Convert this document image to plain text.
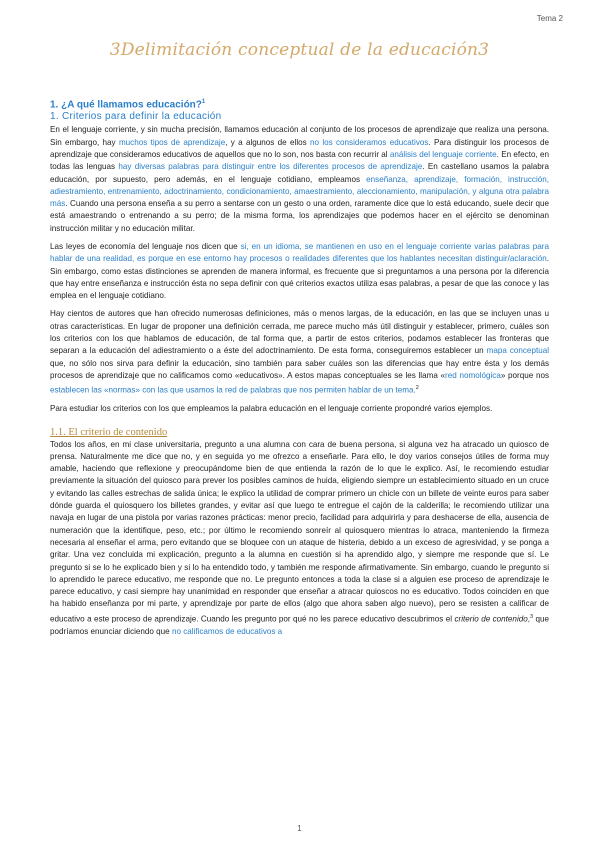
Tema 2
3Delimitación conceptual de la educación3
1. ¿A qué llamamos educación?$^1$
1. Criterios para definir la educación

En el lenguaje corriente, y sin mucha precisión, llamamos educación al conjunto de los procesos de aprendizaje que realiza una persona. Sin embargo, hay muchos tipos de aprendizaje, y a algunos de ellos no los consideramos educativos. Para distinguir los procesos de aprendizaje que consideramos educativos de aquellos que no lo son, nos basta con recurrir al análisis del lenguaje corriente. En efecto, en todas las lenguas hay diversas palabras para distinguir entre los diferentes procesos de aprendizaje. En castellano usamos la palabra educación, por supuesto, pero además, en el lenguaje cotidiano, empleamos enseñanza, aprendizaje, formación, instrucción, adiestramiento, entrenamiento, adoctrinamiento, condicionamiento, amaestramiento, aleccionamiento, manipulación, y alguna otra palabra más. Cuando una persona enseña a su perro a sentarse con un gesto o una orden, raramente dice que lo está educando, suele decir que está amaestrando o entrenando a su perro; de la misma forma, los aprendizajes que podemos hacer en el ejército se denominan instrucción militar y no educación militar.

Las leyes de economía del lenguaje nos dicen que si, en un idioma, se mantienen en uso en el lenguaje corriente varias palabras para hablar de una realidad, es porque en ese entorno hay procesos o realidades diferentes que los hablantes necesitan distinguir/aclaración. Sin embargo, como estas distinciones se aprenden de manera informal, es frecuente que si preguntamos a una persona por la diferencia que hay entre enseñanza e instrucción ésta no sepa definir con qué criterios exactos utiliza esas palabras, a pesar de que las conoce y las emplea en el lenguaje cotidiano.

Hay cientos de autores que han ofrecido numerosas definiciones, más o menos largas, de la educación, en las que se incluyen unas u otras características. En lugar de proponer una definición cerrada, me parece mucho más útil distinguir y establecer, primero, cuáles son los criterios con los que hablamos de educación, de tal forma que, a partir de estos criterios, podamos establecer las fronteras que separan a la educación del adiestramiento o a éste del adoctrinamiento. De esta forma, conseguiremos establecer un mapa conceptual que, no sólo nos sirva para definir la educación, sino también para saber cuáles son las diferencias que hay entre ésta y los demás procesos de aprendizaje que no calificamos como «educativos». A estos mapas conceptuales se les llama «red nomológica» porque nos establecen las «normas» con las que usamos la red de palabras que nos permiten hablar de un tema.$^2$

Para estudiar los criterios con los que empleamos la palabra educación en el lenguaje corriente propondré varios ejemplos.

1.1. El criterio de contenido

Todos los años, en mi clase universitaria, pregunto a una alumna con cara de buena persona, si alguna vez ha atracado un quiosco de prensa. Naturalmente me dice que no, y en seguida yo me ofrezco a enseñarle. Para ello, le doy varios consejos útiles de forma muy amable, haciendo que reflexione y preocupándome bien de que entienda la razón de lo que le explico. Así, le recomiendo estudiar previamente la situación del quiosco para prever los posibles caminos de huida, eligiendo siempre un establecimiento situado en un cruce y evitando las calles estrechas de salida única; le explico la utilidad de comprar primero un chicle con un billete de veinte euros para saber dónde guarda el quiosquero los billetes grandes, y evitar así que luego te entregue el cajón de la calderilla; le recomiendo utilizar una navaja en lugar de una pistola por varias razones prácticas: menor precio, facilidad para adquirirla y para deshacerse de ella, ausencia de numeración que la identifique, peso, etc.; por último le recomiendo sonreír al quiosquero mientras lo atraca, manteniendo la firmeza necesaria al enseñar el arma, pero evitando que se bloquee con un ataque de histeria, debido a un exceso de agresividad, y se ponga a gritar. Una vez concluida mi explicación, pregunto a la alumna en cuestión si ha aprendido algo, y siempre me responde que sí. Le pregunto si se lo he explicado bien y si lo ha entendido todo, y también me responde afirmativamente. Sin embargo, cuando le pregunto si lo aprendido le parece educativo, me responde que no. Le pregunto entonces a toda la clase si a alguien ese proceso de aprendizaje le parece educativo, y casi siempre hay unanimidad en responder que enseñar a atracar quioscos no es educativo. Todos coinciden en que ha habido enseñanza por mi parte, y aprendizaje por parte de ellos (algo que ahora saben algo nuevo), pero se resisten a calificar de educativo a este proceso de aprendizaje. Cuando les pregunto por qué no les parece educativo descubrimos el criterio de contenido,$^3$ que podríamos enunciar diciendo que no calificamos de educativos a

1
